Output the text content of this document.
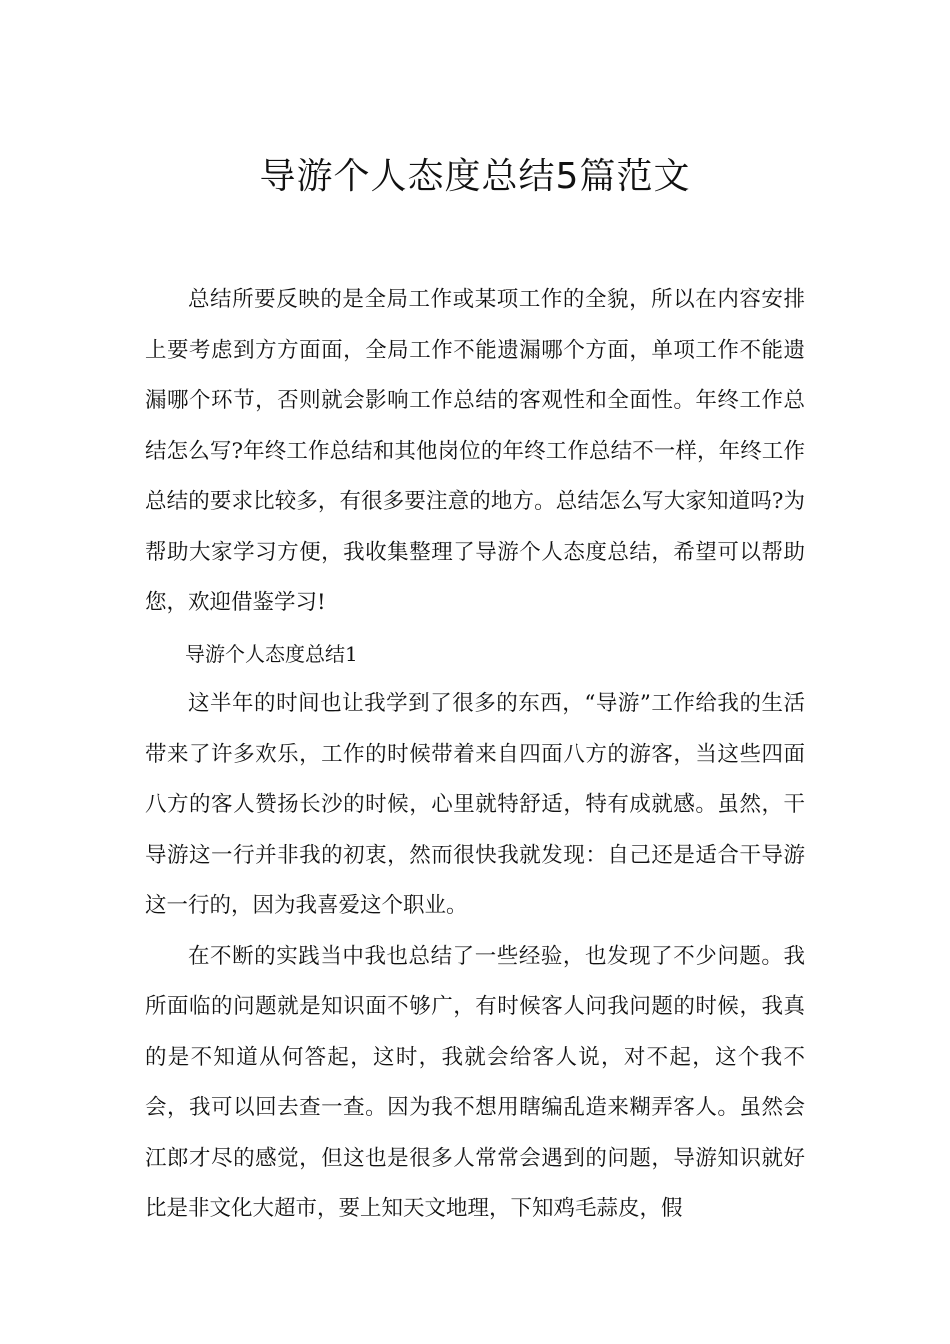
导游个人态度总结5篇范文

总结所要反映的是全局工作或某项工作的全貌，所以在内容安排上要考虑到方方面面，全局工作不能遗漏哪个方面，单项工作不能遗漏哪个环节，否则就会影响工作总结的客观性和全面性。年终工作总结怎么写?年终工作总结和其他岗位的年终工作总结不一样，年终工作总结的要求比较多，有很多要注意的地方。总结怎么写大家知道吗?为帮助大家学习方便，我收集整理了导游个人态度总结，希望可以帮助您，欢迎借鉴学习!

导游个人态度总结1

这半年的时间也让我学到了很多的东西，“导游”工作给我的生活带来了许多欢乐，工作的时候带着来自四面八方的游客，当这些四面八方的客人赞扬长沙的时候，心里就特舒适，特有成就感。虽然，干导游这一行并非我的初衷，然而很快我就发现：自己还是适合干导游这一行的，因为我喜爱这个职业。

在不断的实践当中我也总结了一些经验，也发现了不少问题。我所面临的问题就是知识面不够广，有时候客人问我问题的时候，我真的是不知道从何答起，这时，我就会给客人说，对不起，这个我不会，我可以回去查一查。因为我不想用瞎编乱造来糊弄客人。虽然会江郎才尽的感觉，但这也是很多人常常会遇到的问题，导游知识就好比是非文化大超市，要上知天文地理，下知鸡毛蒜皮，假
